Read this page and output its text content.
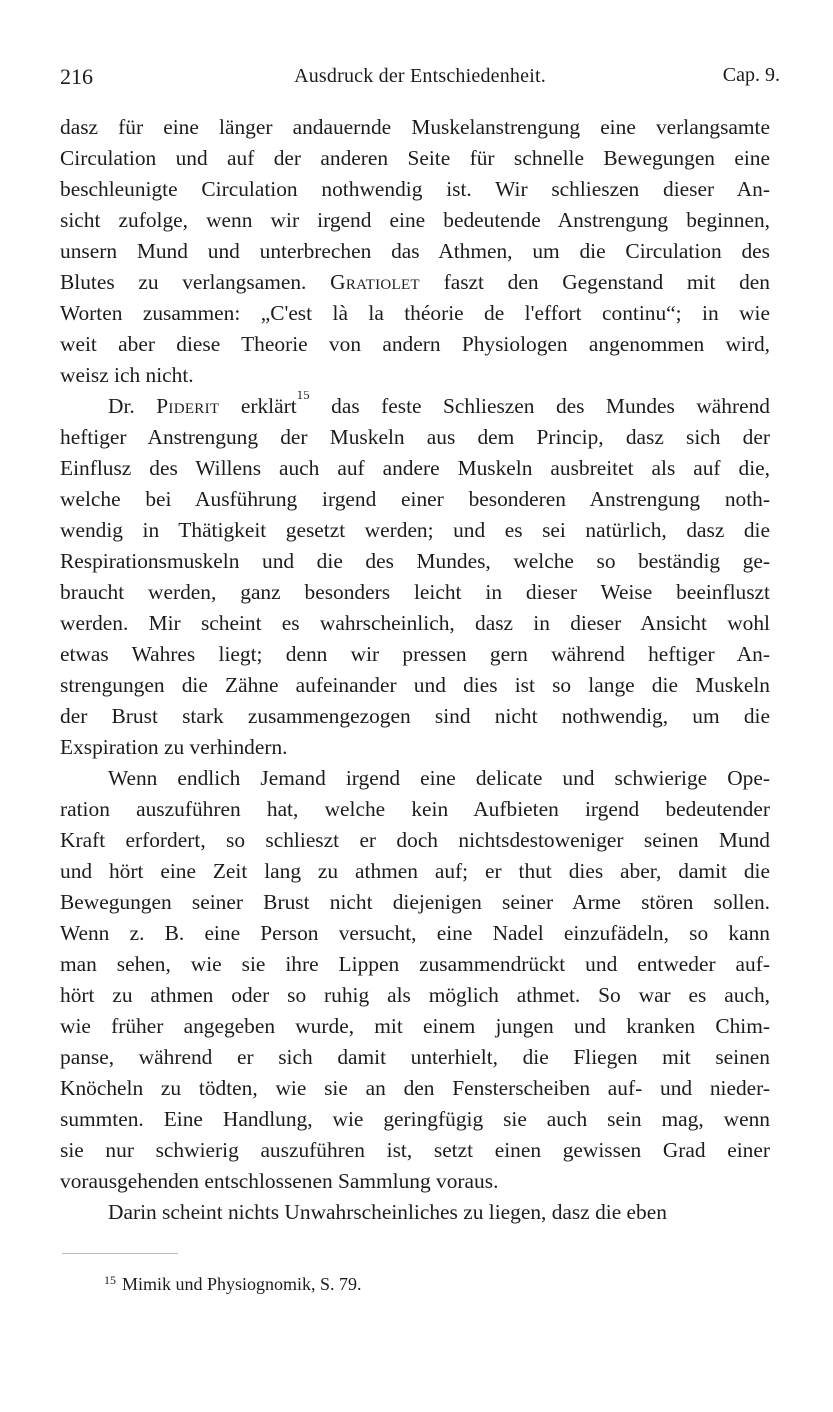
216	Ausdruck der Entschiedenheit.	Cap. 9.
dasz für eine länger andauernde Muskelanstrengung eine verlangsamte
Circulation und auf der anderen Seite für schnelle Bewegungen eine
beschleunigte Circulation nothwendig ist. Wir schlieszen dieser An-
sicht zufolge, wenn wir irgend eine bedeutende Anstrengung beginnen,
unsern Mund und unterbrechen das Athmen, um die Circulation des
Blutes zu verlangsamen. Gratiolet faszt den Gegenstand mit den
Worten zusammen: „C'est là la théorie de l'effort continu“; in wie
weit aber diese Theorie von andern Physiologen angenommen wird,
weisz ich nicht.
Dr. Piderit erklärt$^{15}$ das feste Schlieszen des Mundes während
heftiger Anstrengung der Muskeln aus dem Princip, dasz sich der
Einflusz des Willens auch auf andere Muskeln ausbreitet als auf die,
welche bei Ausführung irgend einer besonderen Anstrengung noth-
wendig in Thätigkeit gesetzt werden; und es sei natürlich, dasz die
Respirationsmuskeln und die des Mundes, welche so beständig ge-
braucht werden, ganz besonders leicht in dieser Weise beeinfluszt
werden. Mir scheint es wahrscheinlich, dasz in dieser Ansicht wohl
etwas Wahres liegt; denn wir pressen gern während heftiger An-
strengungen die Zähne aufeinander und dies ist so lange die Muskeln
der Brust stark zusammengezogen sind nicht nothwendig, um die
Exspiration zu verhindern.
Wenn endlich Jemand irgend eine delicate und schwierige Ope-
ration auszuführen hat, welche kein Aufbieten irgend bedeutender
Kraft erfordert, so schlieszt er doch nichtsdestoweniger seinen Mund
und hört eine Zeit lang zu athmen auf; er thut dies aber, damit die
Bewegungen seiner Brust nicht diejenigen seiner Arme stören sollen.
Wenn z. B. eine Person versucht, eine Nadel einzufädeln, so kann
man sehen, wie sie ihre Lippen zusammendrückt und entweder auf-
hört zu athmen oder so ruhig als möglich athmet. So war es auch,
wie früher angegeben wurde, mit einem jungen und kranken Chim-
panse, während er sich damit unterhielt, die Fliegen mit seinen
Knöcheln zu tödten, wie sie an den Fensterscheiben auf- und nieder-
summten. Eine Handlung, wie geringfügig sie auch sein mag, wenn
sie nur schwierig auszuführen ist, setzt einen gewissen Grad einer
vorausgehenden entschlossenen Sammlung voraus.
Darin scheint nichts Unwahrscheinliches zu liegen, dasz die eben
$^{15}$ Mimik und Physiognomik, S. 79.
